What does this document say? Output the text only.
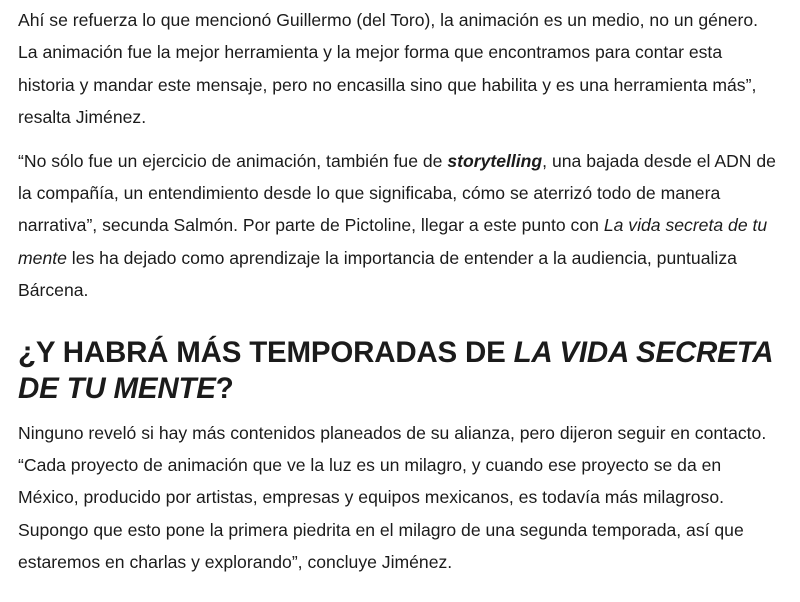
Ahí se refuerza lo que mencionó Guillermo (del Toro), la animación es un medio, no un género. La animación fue la mejor herramienta y la mejor forma que encontramos para contar esta historia y mandar este mensaje, pero no encasilla sino que habilita y es una herramienta más”, resalta Jiménez.

“No sólo fue un ejercicio de animación, también fue de storytelling, una bajada desde el ADN de la compañía, un entendimiento desde lo que significaba, cómo se aterrizó todo de manera narrativa”, secunda Salmón. Por parte de Pictoline, llegar a este punto con La vida secreta de tu mente les ha dejado como aprendizaje la importancia de entender a la audiencia, puntualiza Bárcena.

¿Y HABRÁ MÁS TEMPORADAS DE LA VIDA SECRETA DE TU MENTE?

Ninguno reveló si hay más contenidos planeados de su alianza, pero dijeron seguir en contacto. “Cada proyecto de animación que ve la luz es un milagro, y cuando ese proyecto se da en México, producido por artistas, empresas y equipos mexicanos, es todavía más milagroso. Supongo que esto pone la primera piedrita en el milagro de una segunda temporada, así que estaremos en charlas y explorando”, concluye Jiménez.
